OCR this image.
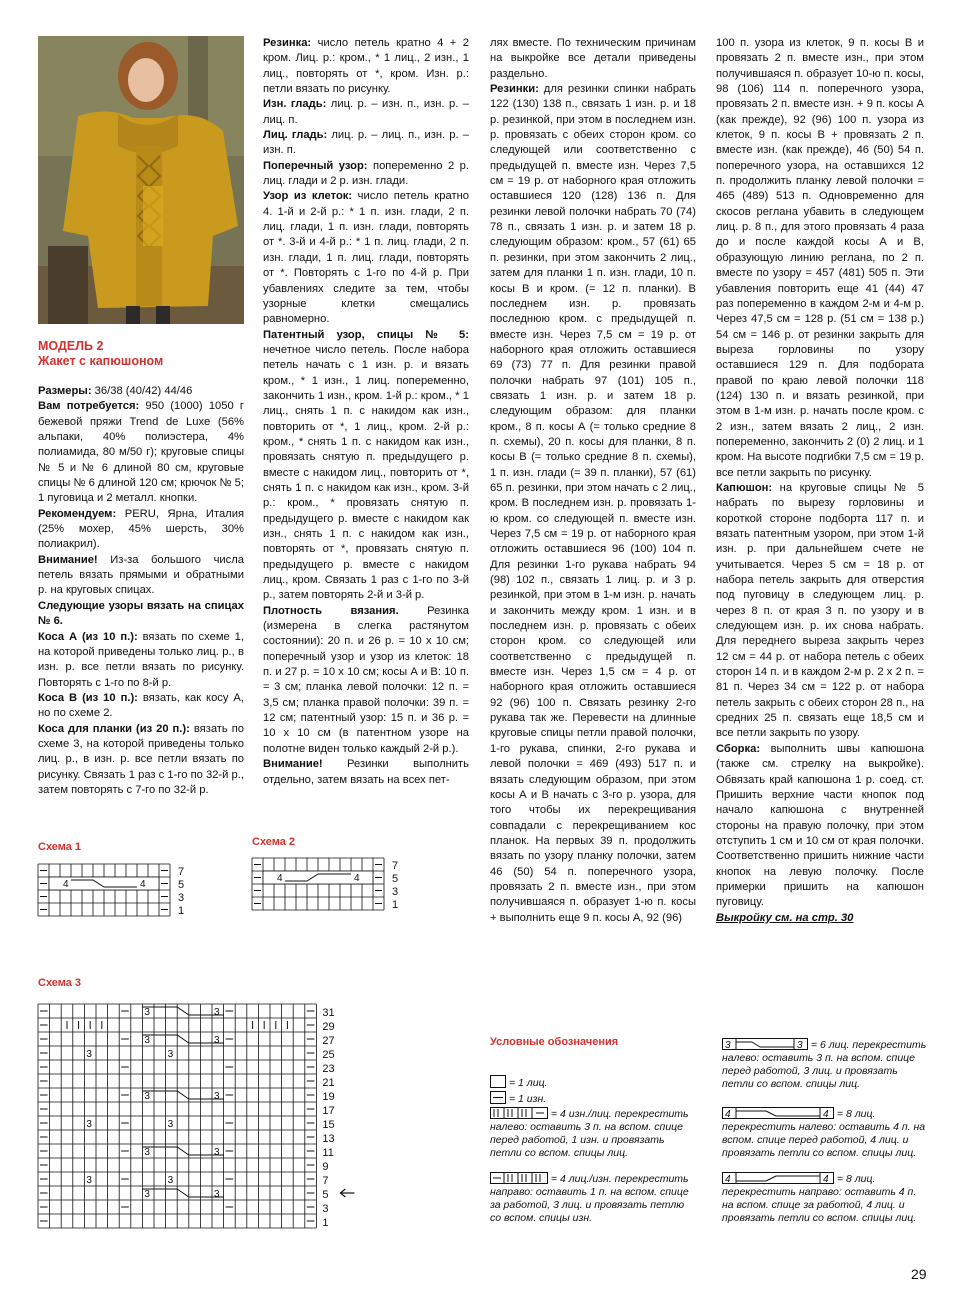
МОДЕЛЬ 2
Жакет с капюшоном

Размеры: 36/38 (40/42) 44/46

Вам потребуется: 950 (1000) 1050 г бежевой пряжи Trend de Luxe (56% альпаки, 40% полиэстера, 4% полиамида, 80 м/50 г); круговые спицы № 5 и № 6 длиной 80 см, круговые спицы № 6 длиной 120 см; крючок № 5; 1 пуговица и 2 металл. кнопки.

Рекомендуем: PERU, Ярна, Италия (25% мохер, 45% шерсть, 30% полиакрил).

Внимание! Из-за большого числа петель вязать прямыми и обратными р. на круговых спицах.

Следующие узоры вязать на спицах № 6.

Коса А (из 10 п.): вязать по схеме 1, на которой приведены только лиц. р., в изн. р. все петли вязать по рисунку. Повторять с 1-го по 8-й р.

Коса В (из 10 п.): вязать, как косу А, но по схеме 2.

Коса для планки (из 20 п.): вязать по схеме 3, на которой приведены только лиц. р., в изн. р. все петли вязать по рисунку. Связать 1 раз с 1-го по 32-й р., затем повторять с 7-го по 32-й р.

Резинка: число петель кратно 4 + 2 кром. Лиц. р.: кром., * 1 лиц., 2 изн., 1 лиц., повторять от *, кром. Изн. р.: петли вязать по рисунку.

Изн. гладь: лиц. р. – изн. п., изн. р. – лиц. п.

Лиц. гладь: лиц. р. – лиц. п., изн. р. – изн. п.

Поперечный узор: попеременно 2 р. лиц. глади и 2 р. изн. глади.

Узор из клеток: число петель кратно 4. 1-й и 2-й р.: * 1 п. изн. глади, 2 п. лиц. глади, 1 п. изн. глади, повторять от *. 3-й и 4-й р.: * 1 п. лиц. глади, 2 п. изн. глади, 1 п. лиц. глади, повторять от *. Повторять с 1-го по 4-й р. При убавлениях следите за тем, чтобы узорные клетки смещались равномерно.

Патентный узор, спицы № 5: нечетное число петель. После набора петель начать с 1 изн. р. и вязать кром., * 1 изн., 1 лиц. попеременно, закончить 1 изн., кром. 1-й р.: кром., * 1 лиц., снять 1 п. с накидом как изн., повторить от *, 1 лиц., кром. 2-й р.: кром., * снять 1 п. с накидом как изн., провязать снятую п. предыдущего р. вместе с накидом лиц., повторить от *, снять 1 п. с накидом как изн., кром. 3-й р.: кром., * провязать снятую п. предыдущего р. вместе с накидом как изн., снять 1 п. с накидом как изн., повторять от *, провязать снятую п. предыдущего р. вместе с накидом лиц., кром. Связать 1 раз с 1-го по 3-й р., затем повторять 2-й и 3-й р.

Плотность вязания. Резинка (измерена в слегка растянутом состоянии): 20 п. и 26 р. = 10 х 10 см; поперечный узор и узор из клеток: 18 п. и 27 р. = 10 х 10 см; косы А и В: 10 п. = 3 см; планка левой полочки: 12 п. = 3,5 см; планка правой полочки: 39 п. = 12 см; патентный узор: 15 п. и 36 р. = 10 х 10 см (в патентном узоре на полотне виден только каждый 2-й р.).

Внимание! Резинки выполнить отдельно, затем вязать на всех пет-

лях вместе. По техническим причинам на выкройке все детали приведены раздельно.

Резинки: для резинки спинки набрать 122 (130) 138 п., связать 1 изн. р. и 18 р. резинкой, при этом в последнем изн. р. провязать с обеих сторон кром. со следующей или соответственно с предыдущей п. вместе изн. Через 7,5 см = 19 р. от наборного края отложить оставшиеся 120 (128) 136 п. Для резинки левой полочки набрать 70 (74) 78 п., связать 1 изн. р. и затем 18 р. следующим образом: кром., 57 (61) 65 п. резинки, при этом закончить 2 лиц., затем для планки 1 п. изн. глади, 10 п. косы В и кром. (= 12 п. планки). В последнем изн. р. провязать последнюю кром. с предыдущей п. вместе изн. Через 7,5 см = 19 р. от наборного края отложить оставшиеся 69 (73) 77 п. Для резинки правой полочки набрать 97 (101) 105 п., связать 1 изн. р. и затем 18 р. следующим образом: для планки кром., 8 п. косы А (= только средние 8 п. схемы), 20 п. косы для планки, 8 п. косы В (= только средние 8 п. схемы), 1 п. изн. глади (= 39 п. планки), 57 (61) 65 п. резинки, при этом начать с 2 лиц., кром. В последнем изн. р. провязать 1-ю кром. со следующей п. вместе изн. Через 7,5 см = 19 р. от наборного края отложить оставшиеся 96 (100) 104 п. Для резинки 1-го рукава набрать 94 (98) 102 п., связать 1 лиц. р. и 3 р. резинкой, при этом в 1-м изн. р. начать и закончить между кром. 1 изн. и в последнем изн. р. провязать с обеих сторон кром. со следующей или соответственно с предыдущей п. вместе изн. Через 1,5 см = 4 р. от наборного края отложить оставшиеся 92 (96) 100 п. Связать резинку 2-го рукава так же. Перевести на длинные круговые спицы петли правой полочки, 1-го рукава, спинки, 2-го рукава и левой полочки = 469 (493) 517 п. и вязать следующим образом, при этом косы А и В начать с 3-го р. узора, для того чтобы их перекрещивания совпадали с перекрещиванием кос планок. На первых 39 п. продолжить вязать по узору планку полочки, затем 46 (50) 54 п. поперечного узора, провязать 2 п. вместе изн., при этом получившаяся п. образует 1-ю п. косы + выполнить еще 9 п. косы А, 92 (96)

100 п. узора из клеток, 9 п. косы В и провязать 2 п. вместе изн., при этом получившаяся п. образует 10-ю п. косы, 98 (106) 114 п. поперечного узора, провязать 2 п. вместе изн. + 9 п. косы А (как прежде), 92 (96) 100 п. узора из клеток, 9 п. косы В + провязать 2 п. вместе изн. (как прежде), 46 (50) 54 п. поперечного узора, на оставшихся 12 п. продолжить планку левой полочки = 465 (489) 513 п. Одновременно для скосов реглана убавить в следующем лиц. р. 8 п., для этого провязать 4 раза до и после каждой косы А и В, образующую линию реглана, по 2 п. вместе по узору = 457 (481) 505 п. Эти убавления повторить еще 41 (44) 47 раз попеременно в каждом 2-м и 4-м р. Через 47,5 см = 128 р. (51 см = 138 р.) 54 см = 146 р. от резинки закрыть для выреза горловины по узору оставшиеся 129 п. Для подбората правой по краю левой полочки 118 (124) 130 п. и вязать резинкой, при этом в 1-м изн. р. начать после кром. с 2 изн., затем вязать 2 лиц., 2 изн. попеременно, закончить 2 (0) 2 лиц. и 1 кром. На высоте подгибки 7,5 см = 19 р. все петли закрыть по рисунку.

Капюшон: на круговые спицы № 5 набрать по вырезу горловины и короткой стороне подборта 117 п. и вязать патентным узором, при этом 1-й изн. р. при дальнейшем счете не учитывается. Через 5 см = 18 р. от набора петель закрыть для отверстия под пуговицу в следующем лиц. р. через 8 п. от края 3 п. по узору и в следующем изн. р. их снова набрать. Для переднего выреза закрыть через 12 см = 44 р. от набора петель с обеих сторон 14 п. и в каждом 2-м р. 2 х 2 п. = 81 п. Через 34 см = 122 р. от набора петель закрыть с обеих сторон 28 п., на средних 25 п. связать еще 18,5 см и все петли закрыть по узору.

Сборка: выполнить швы капюшона (также см. стрелку на выкройке). Обвязать край капюшона 1 р. соед. ст. Пришить верхние части кнопок под начало капюшона с внутренней стороны на правую полочку, при этом отступить 1 см и 10 см от края полочки. Соответственно пришить нижние части кнопок на левую полочку. После примерки пришить на капюшон пуговицу.

Выкройку см. на стр. 30

Схема 1	Схема 2
Схема 3
4	4
7
5
3
1
4	4
7
5
3
1
3	3
3	3
3	3
3	3
3	3
3	3
3	3
3	3
31
29
27
25
23
21
19
17
15
13
11
9
7
5
3
1
Условные обозначения
= 1 лиц.
= 1 изн.
= 4 изн./лиц. перекрестить налево: оставить 3 п. на вспом. спице перед работой, 1 изн. и провязать петли со вспом. спицы лиц.
= 4 лиц./изн. перекрестить направо: оставить 1 п. на вспом. спице за работой, 3 лиц. и провязать петлю со вспом. спицы изн.
3	3 = 6 лиц. перекрестить налево: оставить 3 п. на вспом. спице перед работой, 3 лиц. и провязать петли со вспом. спицы лиц.
4	4 = 8 лиц. перекрестить налево: оставить 4 п. на вспом. спице перед работой, 4 лиц. и провязать петли со вспом. спицы лиц.
4	4 = 8 лиц. перекрестить направо: оставить 4 п. на вспом. спице за работой, 4 лиц. и провязать петли со вспом. спицы лиц.
29
